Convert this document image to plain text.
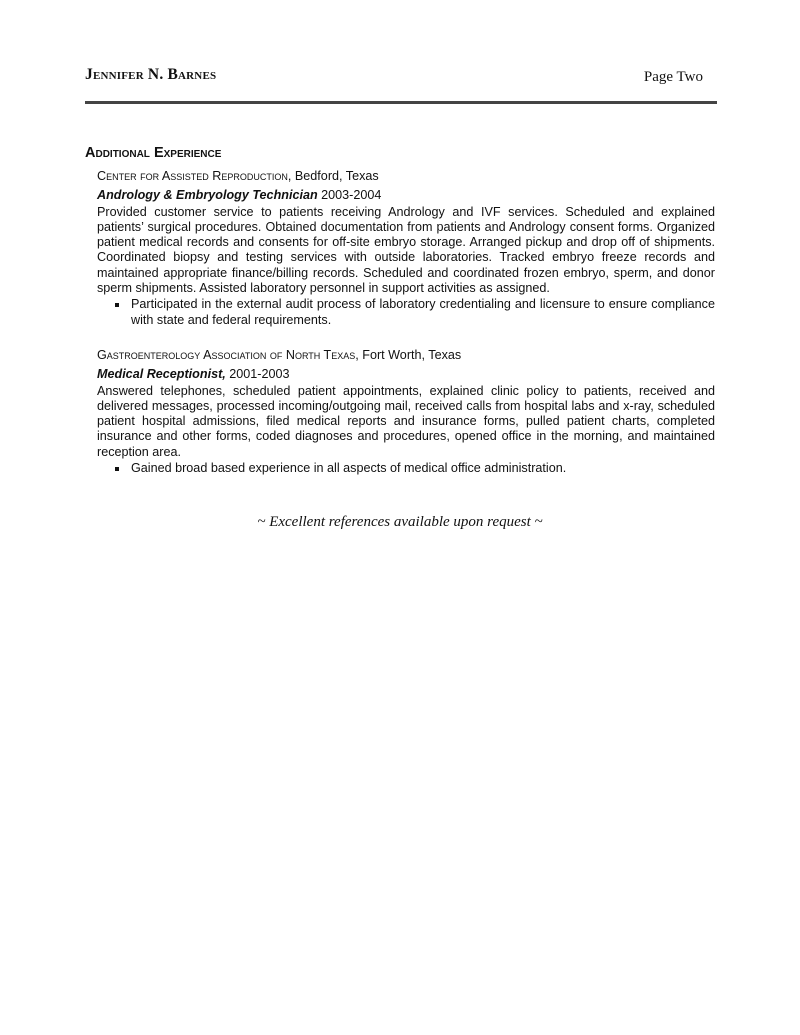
Jennifer N. Barnes	Page Two
Additional Experience
Center for Assisted Reproduction, Bedford, Texas
Andrology & Embryology Technician 2003-2004
Provided customer service to patients receiving Andrology and IVF services. Scheduled and explained patients’ surgical procedures. Obtained documentation from patients and Andrology consent forms. Organized patient medical records and consents for off-site embryo storage. Arranged pickup and drop off of shipments. Coordinated biopsy and testing services with outside laboratories. Tracked embryo freeze records and maintained appropriate finance/billing records. Scheduled and coordinated frozen embryo, sperm, and donor sperm shipments. Assisted laboratory personnel in support activities as assigned.
Participated in the external audit process of laboratory credentialing and licensure to ensure compliance with state and federal requirements.
Gastroenterology Association of North Texas, Fort Worth, Texas
Medical Receptionist, 2001-2003
Answered telephones, scheduled patient appointments, explained clinic policy to patients, received and delivered messages, processed incoming/outgoing mail, received calls from hospital labs and x-ray, scheduled patient hospital admissions, filed medical reports and insurance forms, pulled patient charts, completed insurance and other forms, coded diagnoses and procedures, opened office in the morning, and maintained reception area.
Gained broad based experience in all aspects of medical office administration.
~ Excellent references available upon request ~
